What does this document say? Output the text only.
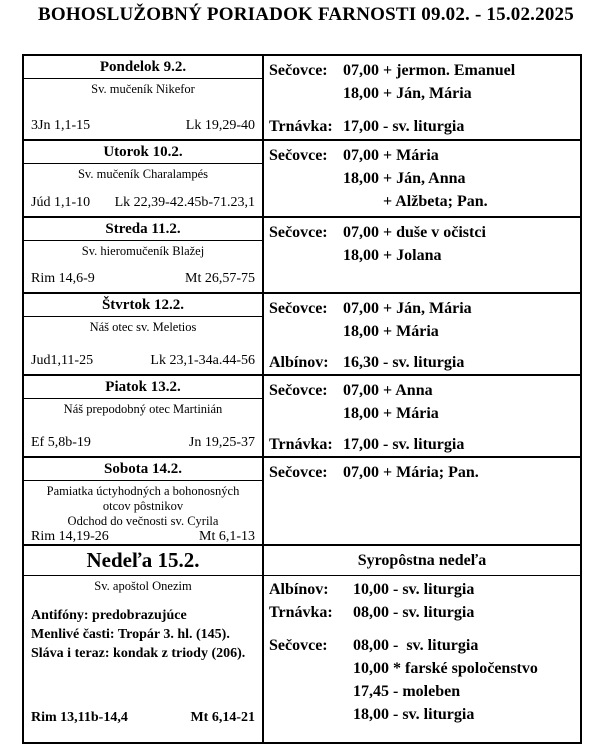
BOHOSLUŽOBNÝ PORIADOK FARNOSTI 09.02. - 15.02.2025
Pondelok 9.2.
Sv. mučeník Nikefor
3Jn 1,1-15	Lk 19,29-40
Sečovce: 07,00 + jermon. Emanuel
18,00 + Ján, Mária
Trnávka: 17,00 - sv. liturgia
Utorok 10.2.
Sv. mučeník Charalampés
Júd 1,1-10 Lk 22,39-42.45b-71.23,1
Sečovce: 07,00 + Mária
18,00 + Ján, Anna
+ Alžbeta; Pan.
Streda 11.2.
Sv. hieromučeník Blažej
Rim 14,6-9	Mt 26,57-75
Sečovce: 07,00 + duše v očistci
18,00 + Jolana
Štvrtok 12.2.
Náš otec sv. Meletios
Jud1,11-25	Lk 23,1-34a.44-56
Sečovce: 07,00 + Ján, Mária
18,00 + Mária
Albínov: 16,30 - sv. liturgia
Piatok 13.2.
Náš prepodobný otec Martinián
Ef 5,8b-19	Jn 19,25-37
Sečovce: 07,00 + Anna
18,00 + Mária
Trnávka: 17,00 - sv. liturgia
Sobota 14.2.
Pamiatka úctyhodných a bohonosných
otcov pôstnikov
Odchod do večnosti sv. Cyrila
Rim 14,19-26	Mt 6,1-13
Sečovce: 07,00 + Mária; Pan.
Nedeľa 15.2.
Sv. apoštol Onezim
Antifóny: predobrazujúce
Menlivé časti: Tropár 3. hl. (145).
Sláva i teraz: kondak z triody (206).
Rim 13,11b-14,4	Mt 6,14-21
Syropôstna nedeľa
Albínov:	10,00 - sv. liturgia
Trnávka:	08,00 - sv. liturgia
Sečovce:	08,00 -  sv. liturgia
10,00 * farské spoločenstvo
17,45 - moleben
18,00 - sv. liturgia
